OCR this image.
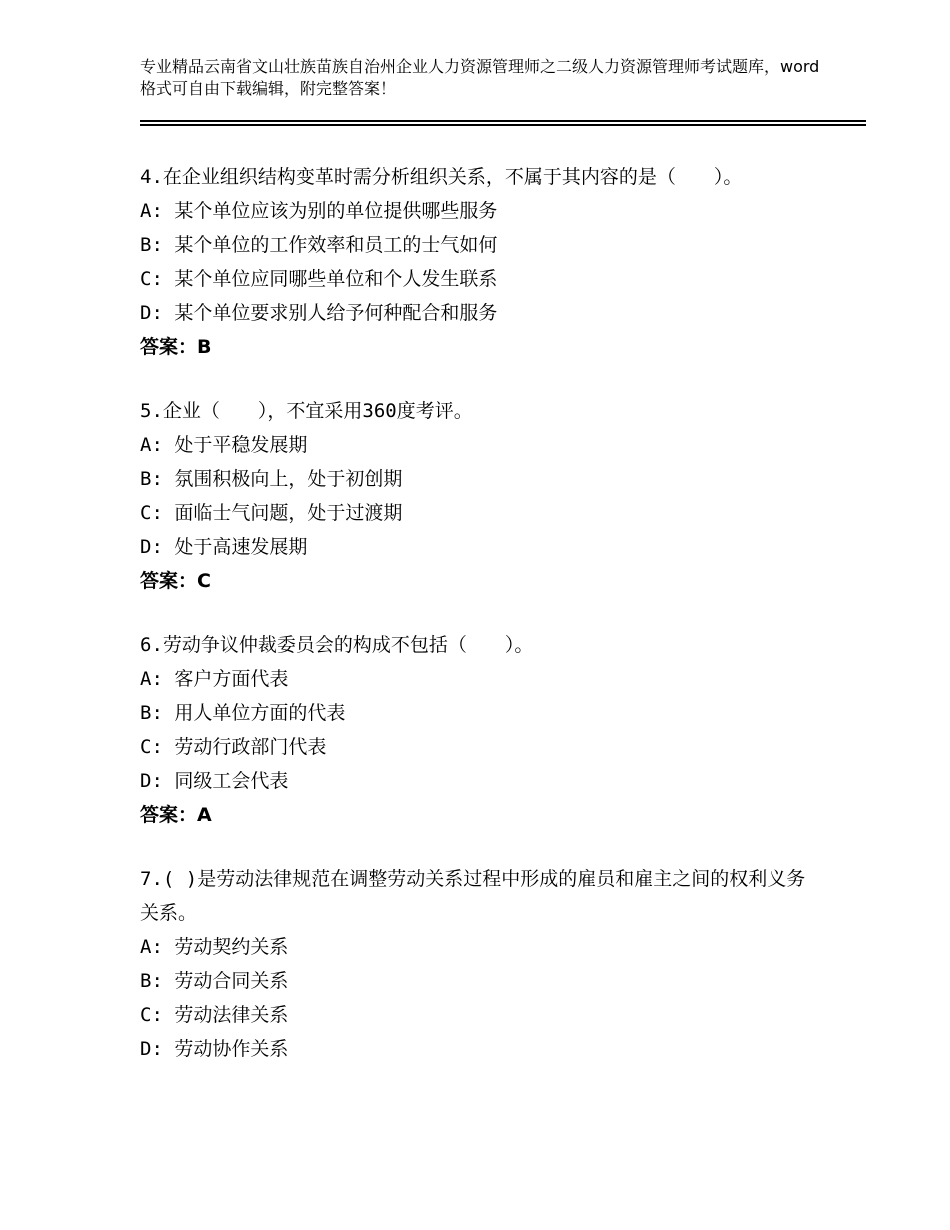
专业精品云南省文山壮族苗族自治州企业人力资源管理师之二级人力资源管理师考试题库，word格式可自由下载编辑，附完整答案！

4.在企业组织结构变革时需分析组织关系，不属于其内容的是（　　）。

A: 某个单位应该为别的单位提供哪些服务

B: 某个单位的工作效率和员工的士气如何

C: 某个单位应同哪些单位和个人发生联系

D: 某个单位要求别人给予何种配合和服务

答案：B

5.企业（　　），不宜采用360度考评。

A: 处于平稳发展期

B: 氛围积极向上，处于初创期

C: 面临士气问题，处于过渡期

D: 处于高速发展期

答案：C

6.劳动争议仲裁委员会的构成不包括（　　）。

A: 客户方面代表

B: 用人单位方面的代表

C: 劳动行政部门代表

D: 同级工会代表

答案：A

7.( )是劳动法律规范在调整劳动关系过程中形成的雇员和雇主之间的权利义务关系。

A: 劳动契约关系

B: 劳动合同关系

C: 劳动法律关系

D: 劳动协作关系
